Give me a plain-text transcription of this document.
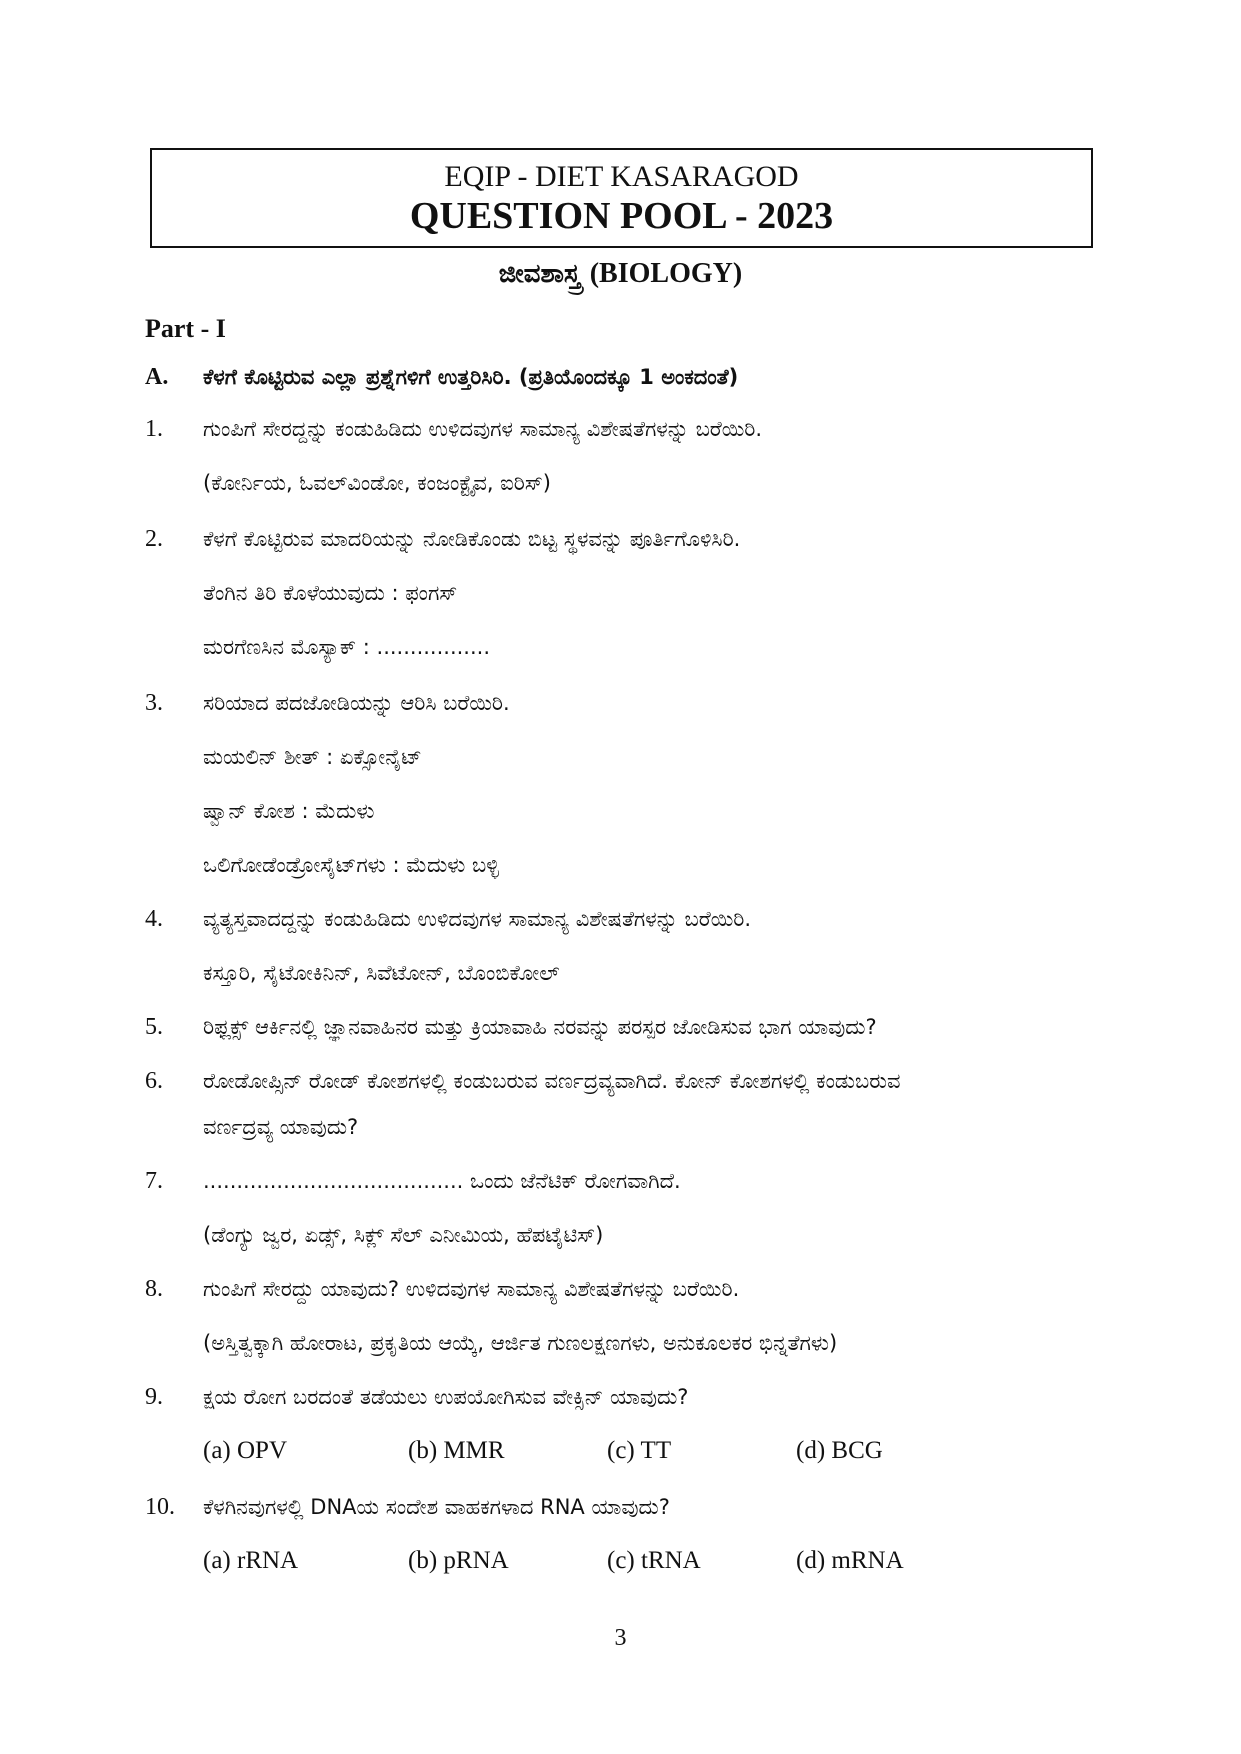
EQIP - DIET KASARAGOD
QUESTION POOL - 2023
ಜೀವಶಾಸ್ತ್ರ (BIOLOGY)
Part - I
A.	ಕೆಳಗೆ ಕೊಟ್ಟಿರುವ ಎಲ್ಲಾ ಪ್ರಶ್ನೆಗಳಿಗೆ ಉತ್ತರಿಸಿರಿ. (ಪ್ರತಿಯೊಂದಕ್ಕೂ 1 ಅಂಕದಂತೆ)
1.	ಗುಂಪಿಗೆ ಸೇರದ್ದನ್ನು ಕಂಡುಹಿಡಿದು ಉಳಿದವುಗಳ ಸಾಮಾನ್ಯ ವಿಶೇಷತೆಗಳನ್ನು ಬರೆಯಿರಿ.
(ಕೋರ್ನಿಯ, ಓವಲ್‌ವಿಂಡೋ, ಕಂಜಂಕ್ಟೈವ, ಐರಿಸ್)
2.	ಕೆಳಗೆ ಕೊಟ್ಟಿರುವ ಮಾದರಿಯನ್ನು ನೋಡಿಕೊಂಡು ಬಿಟ್ಟ ಸ್ಥಳವನ್ನು ಪೂರ್ತಿಗೊಳಿಸಿರಿ.
ತೆಂಗಿನ ತಿರಿ ಕೊಳೆಯುವುದು : ಫಂಗಸ್
ಮರಗೆಣಸಿನ ಮೊಸ್ಯಾಕ್ : .................
3.	ಸರಿಯಾದ ಪದಜೋಡಿಯನ್ನು ಆರಿಸಿ ಬರೆಯಿರಿ.
ಮಯಲಿನ್ ಶೀತ್ : ಏಕ್ಸೋನೈಟ್
ಷ್ವಾನ್ ಕೋಶ : ಮೆದುಳು
ಒಲಿಗೋಡೆಂಡ್ರೋಸೈಟ್‌ಗಳು : ಮೆದುಳು ಬಳ್ಳಿ
4.	ವ್ಯತ್ಯಸ್ತವಾದದ್ದನ್ನು ಕಂಡುಹಿಡಿದು ಉಳಿದವುಗಳ ಸಾಮಾನ್ಯ ವಿಶೇಷತೆಗಳನ್ನು ಬರೆಯಿರಿ.
ಕಸ್ತೂರಿ, ಸೈಟೋಕಿನಿನ್, ಸಿವೆಟೋನ್, ಬೊಂಬಿಕೋಲ್
5.	ರಿಫ್ಲಕ್ಸ್ ಆರ್ಕಿನಲ್ಲಿ ಜ್ಞಾನವಾಹಿನರ ಮತ್ತು ಕ್ರಿಯಾವಾಹಿ ನರವನ್ನು ಪರಸ್ಪರ ಜೋಡಿಸುವ ಭಾಗ ಯಾವುದು?
6.	ರೋಡೋಪ್ಸಿನ್ ರೋಡ್ ಕೋಶಗಳಲ್ಲಿ ಕಂಡುಬರುವ ವರ್ಣದ್ರವ್ಯವಾಗಿದೆ. ಕೋನ್ ಕೋಶಗಳಲ್ಲಿ ಕಂಡುಬರುವ
ವರ್ಣದ್ರವ್ಯ ಯಾವುದು?
7.	....................................... ಒಂದು ಜೆನೆಟಿಕ್ ರೋಗವಾಗಿದೆ.
(ಡೆಂಗ್ಯು ಜ್ವರ, ಏಡ್ಸ್, ಸಿಕ್ಲ್ ಸೆಲ್ ಎನೀಮಿಯ, ಹೆಪಟೈಟಿಸ್)
8.	ಗುಂಪಿಗೆ ಸೇರದ್ದು ಯಾವುದು? ಉಳಿದವುಗಳ ಸಾಮಾನ್ಯ ವಿಶೇಷತೆಗಳನ್ನು ಬರೆಯಿರಿ.
(ಅಸ್ತಿತ್ವಕ್ಕಾಗಿ ಹೋರಾಟ, ಪ್ರಕೃತಿಯ ಆಯ್ಕೆ, ಆರ್ಜಿತ ಗುಣಲಕ್ಷಣಗಳು, ಅನುಕೂಲಕರ ಭಿನ್ನತೆಗಳು)
9.	ಕ್ಷಯ ರೋಗ ಬರದಂತೆ ತಡೆಯಲು ಉಪಯೋಗಿಸುವ ವೇಕ್ಸಿನ್ ಯಾವುದು?
(a) OPV	(b) MMR	(c) TT	(d) BCG
10.	ಕೆಳಗಿನವುಗಳಲ್ಲಿ DNAಯ ಸಂದೇಶ ವಾಹಕಗಳಾದ RNA ಯಾವುದು?
(a) rRNA	(b) pRNA	(c) tRNA	(d) mRNA
3
